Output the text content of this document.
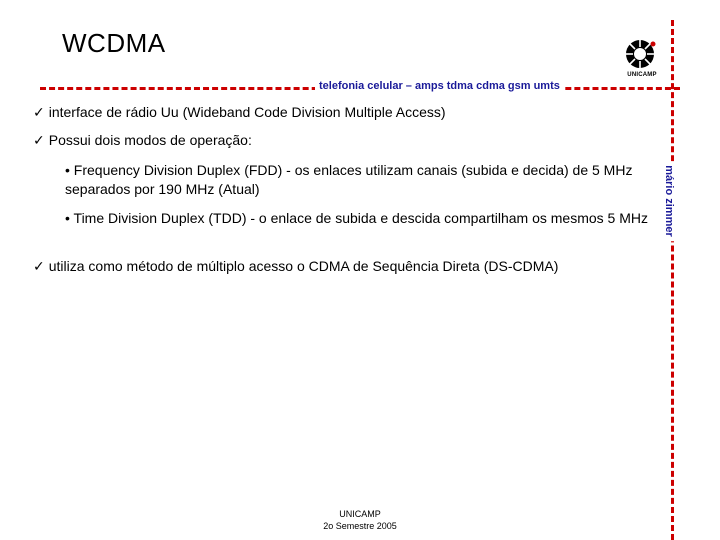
WCDMA
telefonia celular – amps tdma cdma gsm umts
mário zimmer
UNICAMP
✓ interface de rádio Uu (Wideband Code Division Multiple Access)
✓ Possui dois modos de operação:
• Frequency Division Duplex (FDD) - os enlaces utilizam canais (subida e decida) de 5 MHz separados por 190 MHz (Atual)
• Time Division Duplex (TDD) - o enlace de subida e descida compartilham os mesmos 5 MHz
✓ utiliza como método de múltiplo acesso o CDMA de Sequência Direta (DS-CDMA)
UNICAMP
2o Semestre 2005
